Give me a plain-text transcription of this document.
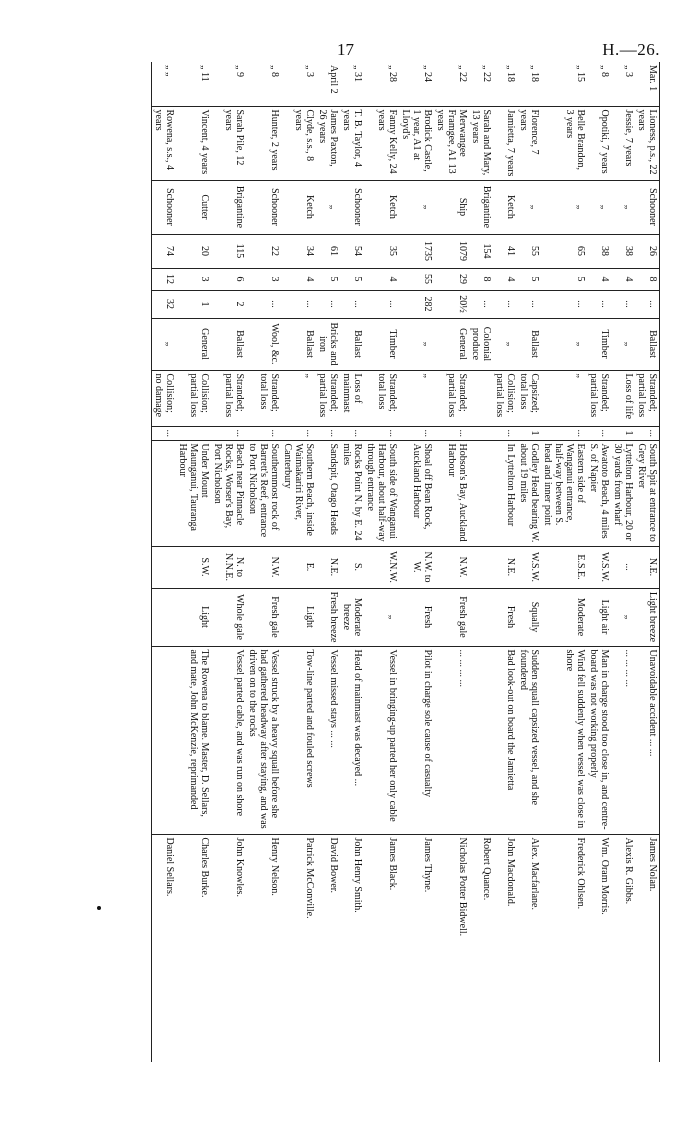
17	H.—26.
Mar. 1	Lioness, p.s., 22 years	Schooner	26	8	...	Ballast	Stranded; partial loss	...	South Spit at entrance to Grey River	N.E.	Light breeze	Unavoidable accident ... ...	James Nolan.
„ 3	Jessie, 7 years	„	38	4	...	„	Loss of life	1	Lyttelton Harbour, 20 or 30 yards from wharf	...	„	... ... ... ...	Alexis R. Gibbs.
„ 8	Opotiki, 7 years	„	38	4	...	Timber	Stranded; partial loss	...	Awatoto Beach, 4 miles S. of Napier	W.S.W.	Light air	Man in charge stood too close in, and centre-board was not working properly	Wm. Oram Morris.
„ 15	Belle Brandon, 3 years	„	65	5	...	„	„	...	Eastern side of Wanganui entrance, half-way between S. head and inner point	E.S.E.	Moderate	Wind fell suddenly when vessel was close in shore	Frederick Ohlsen.
„ 18	Florence, 7 years	„	55	5	...	Ballast	Capsized; total loss	1	Godley Head bearing W. about 19 miles	W.S.W.	Squally	Sudden squall capsized vessel, and she foundered	Alex. Macfarlane.
„ 18	Jamietta, 7 years	Ketch	41	4	...	„	Collision; partial loss	...	In Lyttelton Harbour	N.E.	Fresh	Bad look-out on board the Jamietta	John Macdonald.
„ 22	Sarah and Mary, 13 years	Brigantine	154	8	...	Colonial produce							Robert Quance.
„ 22	Merwangee Framgee, A1 13 years	Ship	1079	29	20½	General	Stranded; partial loss	...	Hobson's Bay, Auckland Harbour	N.W.	Fresh gale	... ... ... ...	Nicholas Potter Bidwell.
„ 24	Brodick Castle, 1 year, A1 at Lloyd's	„	1735	55	282	„	„	...	Shoal off Bean Rock, Auckland Harbour	N.W. to W.	Fresh	Pilot in charge sole cause of casualty	James Thyne.
„ 28	Fanny Kelly, 24 years	Ketch	35	4	...	Timber	Stranded; total loss	...	South side of Wanganui Harbour, about half-way through entrance	W.N.W.	„	Vessel in bringing-up parted her only cable	James Black.
„ 31	T. B. Taylor, 4 years	Schooner	54	5	...	Ballast	Loss of mainmast	...	Rocks Point N. by E. 24 miles	S.	Moderate breeze	Head of mainmast was decayed ...	John Henry Smith.
April 2	James Paxton, 26 years	„	61	5	...	Bricks and iron	Stranded; partial loss	...	Sandspit, Otago Heads	N.E.	Fresh breeze	Vessel missed stays ... ...	David Bower.
„ 3	Clyde, s.s., 8 years	Ketch	34	4	...	Ballast	„	...	Southern Beach, inside Waimakariri River, Canterbury	E.	Light	Tow-line parted and fouled screws	Patrick McConville.
„ 8	Hunter, 2 years	Schooner	22	3	...	Wool, &c.	Stranded; total loss	...	Southernmost rock of Barrett's Reef, entrance to Port Nicholson	N.W.	Fresh gale	Vessel struck by a heavy squall before she had gathered headway after staying, and was driven on to the rocks	Henry Nelson.
„ 9	Sarah Pile, 12 years	Brigantine	115	6	2	Ballast	Stranded; partial loss	...	Beach near Pinnacle Rocks, Worser's Bay, Port Nicholson	N. to N.N.E.	Whole gale	Vessel parted cable, and was run on shore	John Knowles.
„ 11	Vincent, 4 years	Cutter	20	3	1	General	Collision; partial loss		Under Mount Maunganui, Tauranga Harbour	S.W.	Light	The Rowena to blame. Master, D. Sellars, and mate, John McKenzie, reprimanded	Charles Burke.
„ „	Rowena, s.s., 4 years	Schooner	74	12	32	„	Collision; no damage	...					Daniel Sellars.
